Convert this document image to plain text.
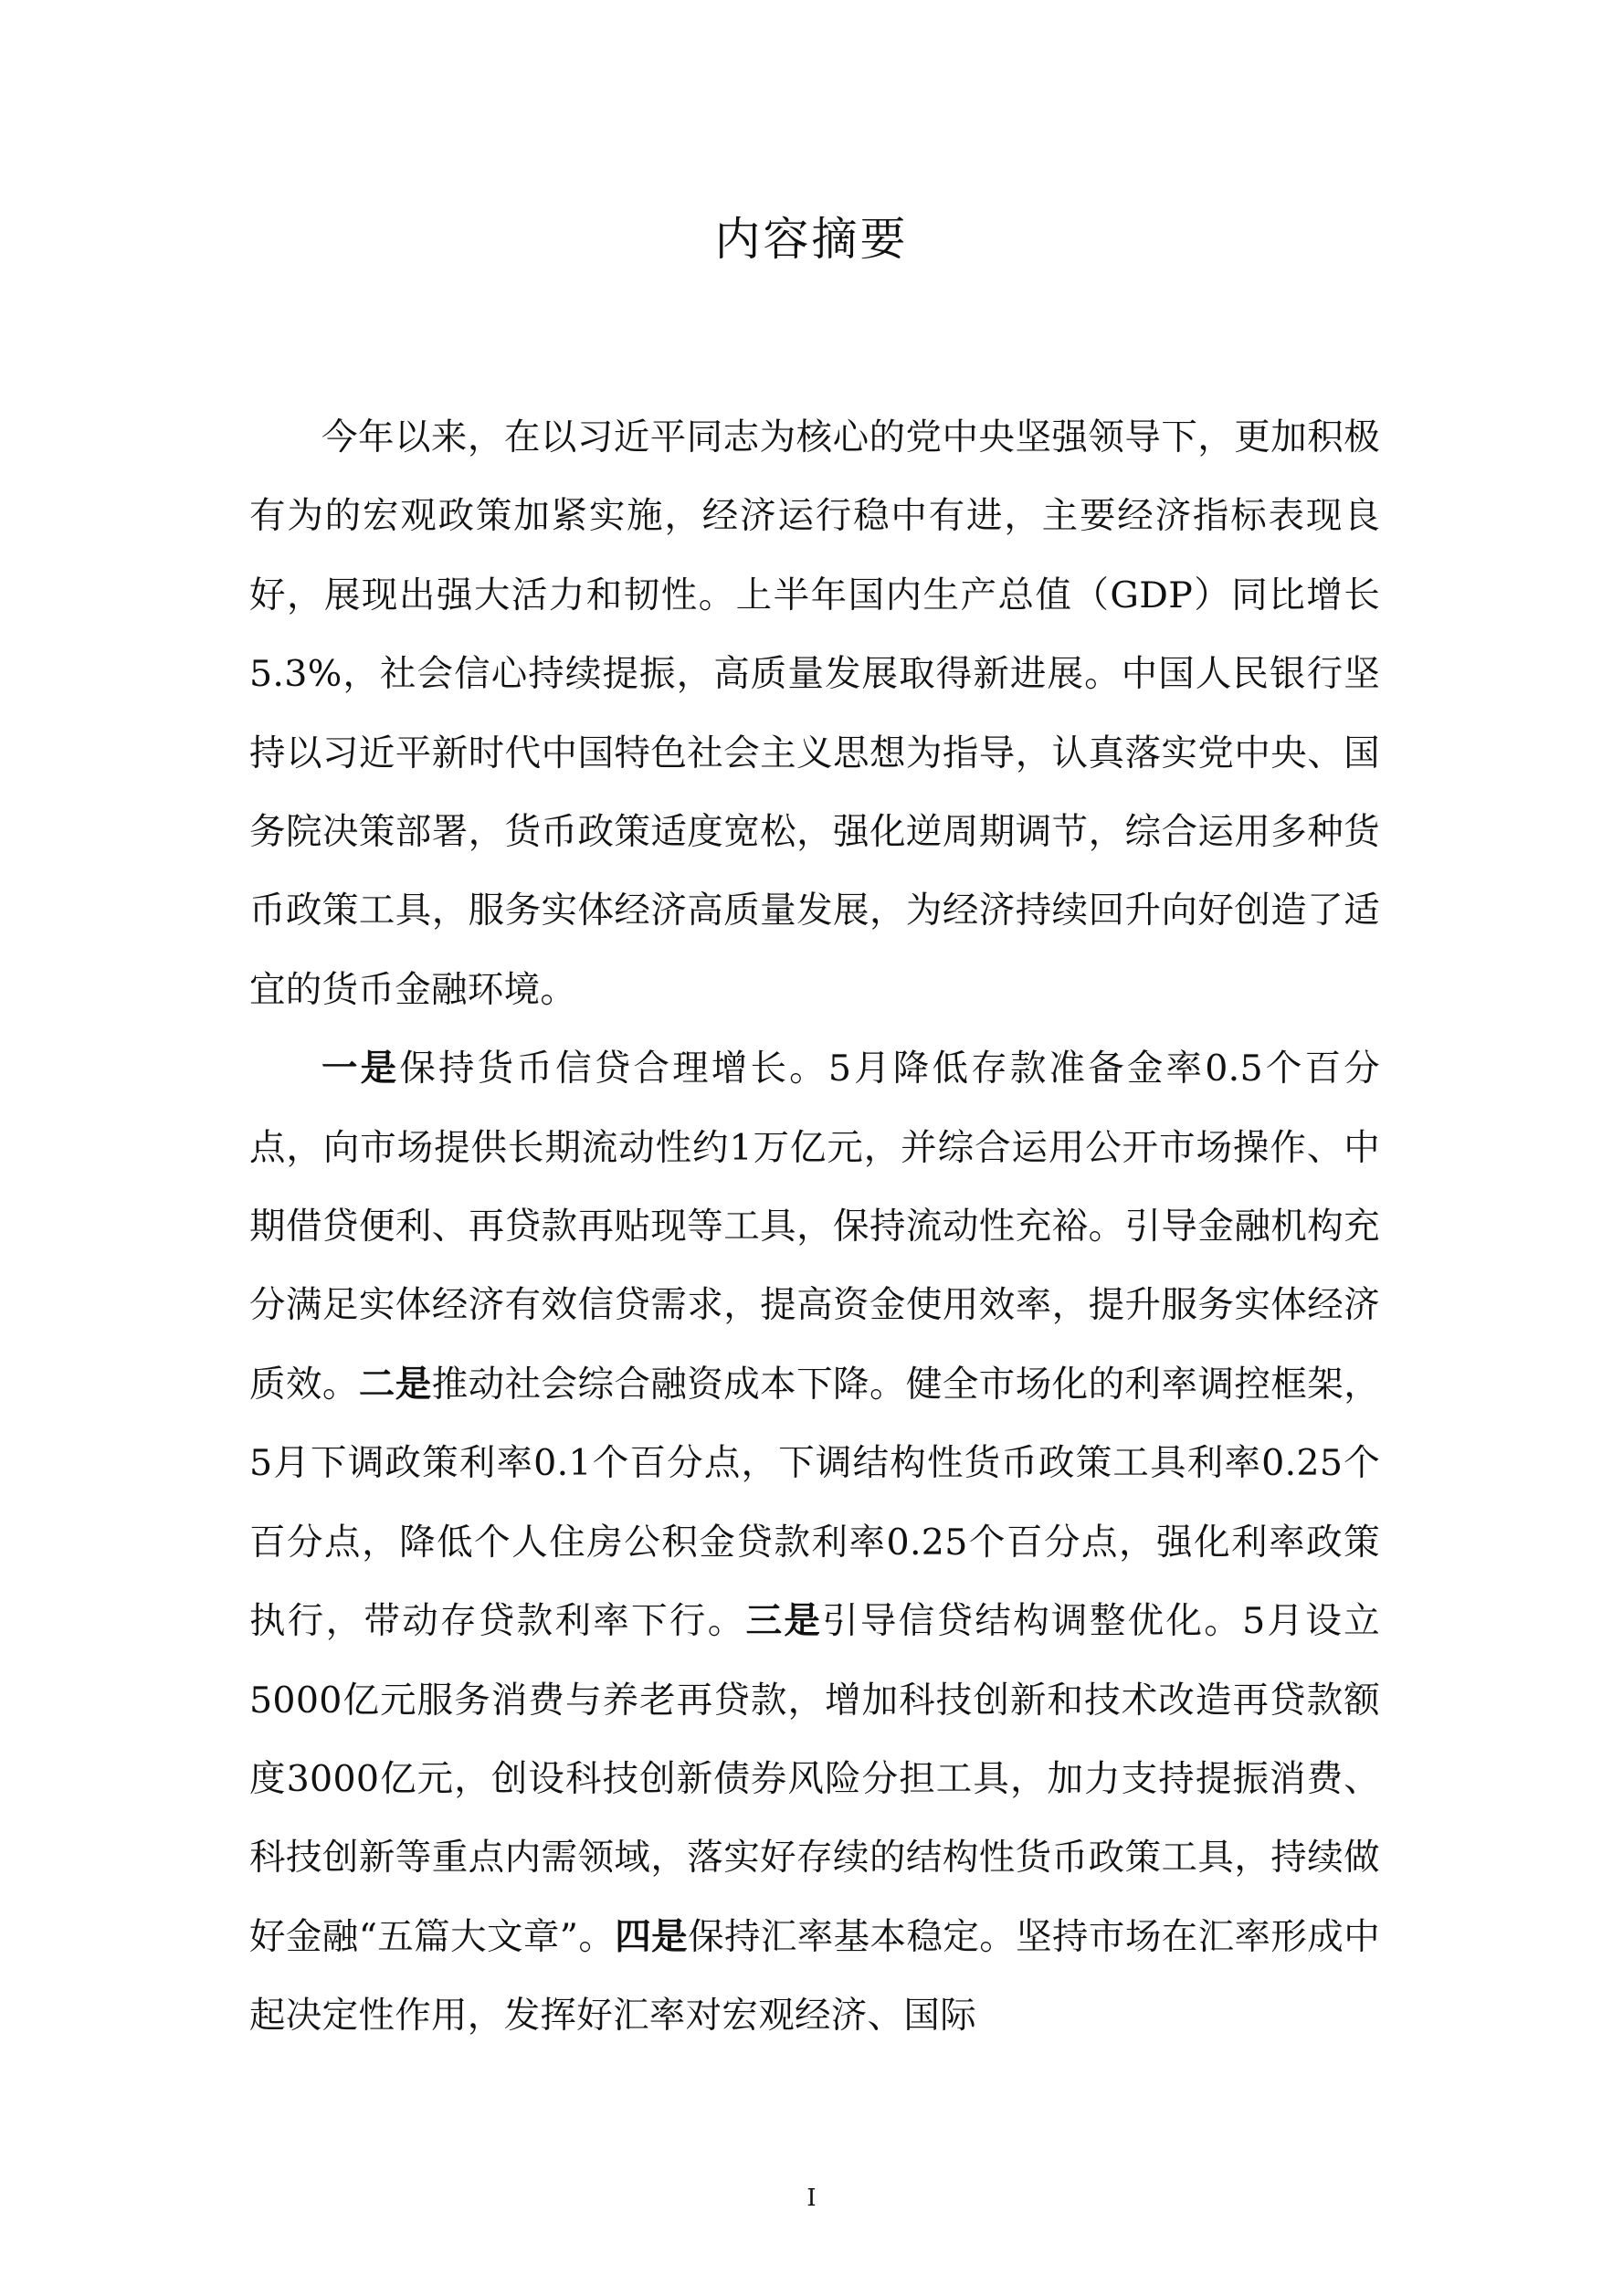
内容摘要

今年以来，在以习近平同志为核心的党中央坚强领导下，更加积极有为的宏观政策加紧实施，经济运行稳中有进，主要经济指标表现良好，展现出强大活力和韧性。上半年国内生产总值（GDP）同比增长5.3%，社会信心持续提振，高质量发展取得新进展。中国人民银行坚持以习近平新时代中国特色社会主义思想为指导，认真落实党中央、国务院决策部署，货币政策适度宽松，强化逆周期调节，综合运用多种货币政策工具，服务实体经济高质量发展，为经济持续回升向好创造了适宜的货币金融环境。

一是保持货币信贷合理增长。5月降低存款准备金率0.5个百分点，向市场提供长期流动性约1万亿元，并综合运用公开市场操作、中期借贷便利、再贷款再贴现等工具，保持流动性充裕。引导金融机构充分满足实体经济有效信贷需求，提高资金使用效率，提升服务实体经济质效。二是推动社会综合融资成本下降。健全市场化的利率调控框架，5月下调政策利率0.1个百分点，下调结构性货币政策工具利率0.25个百分点，降低个人住房公积金贷款利率0.25个百分点，强化利率政策执行，带动存贷款利率下行。三是引导信贷结构调整优化。5月设立5000亿元服务消费与养老再贷款，增加科技创新和技术改造再贷款额度3000亿元，创设科技创新债券风险分担工具，加力支持提振消费、科技创新等重点内需领域，落实好存续的结构性货币政策工具，持续做好金融“五篇大文章”。四是保持汇率基本稳定。坚持市场在汇率形成中起决定性作用，发挥好汇率对宏观经济、国际

I
